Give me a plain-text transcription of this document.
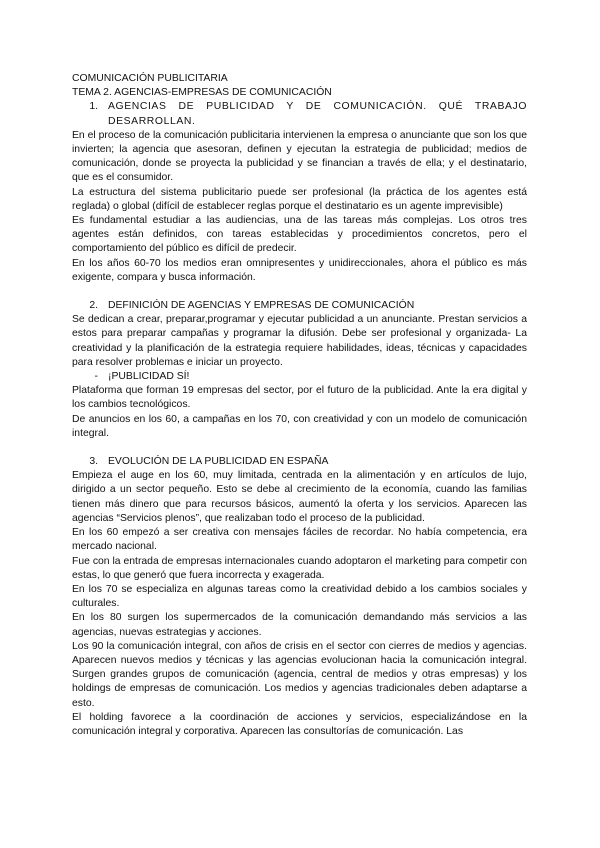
COMUNICACIÓN PUBLICITARIA
TEMA 2. AGENCIAS-EMPRESAS DE COMUNICACIÓN
1. AGENCIAS DE PUBLICIDAD Y DE COMUNICACIÓN. QUÉ TRABAJO DESARROLLAN.

En el proceso de la comunicación publicitaria intervienen la empresa o anunciante que son los que invierten; la agencia que asesoran, definen y ejecutan la estrategia de publicidad; medios de comunicación, donde se proyecta la publicidad y se financian a través de ella; y el destinatario, que es el consumidor.

La estructura del sistema publicitario puede ser profesional (la práctica de los agentes está reglada) o global (difícil de establecer reglas porque el destinatario es un agente imprevisible)

Es fundamental estudiar a las audiencias, una de las tareas más complejas. Los otros tres agentes están definidos, con tareas establecidas y procedimientos concretos, pero el comportamiento del público es difícil de predecir.

En los años 60-70 los medios eran omnipresentes y unidireccionales, ahora el público es más exigente, compara y busca información.

2. DEFINICIÓN DE AGENCIAS Y EMPRESAS DE COMUNICACIÓN

Se dedican a crear, preparar,programar y ejecutar publicidad a un anunciante. Prestan servicios a estos para preparar campañas y programar la difusión. Debe ser profesional y organizada- La creatividad y la planificación de la estrategia requiere habilidades, ideas, técnicas y capacidades para resolver problemas e iniciar un proyecto.

- ¡PUBLICIDAD SÍ!

Plataforma que forman 19 empresas del sector, por el futuro de la publicidad. Ante la era digital y los cambios tecnológicos.

De anuncios en los 60, a campañas en los 70, con creatividad y con un modelo de comunicación integral.

3. EVOLUCIÓN DE LA PUBLICIDAD EN ESPAÑA

Empieza el auge en los 60, muy limitada, centrada en la alimentación y en artículos de lujo, dirigido a un sector pequeño. Esto se debe al crecimiento de la economía, cuando las familias tienen más dinero que para recursos básicos, aumentó la oferta y los servicios. Aparecen las agencias “Servicios plenos”, que realizaban todo el proceso de la publicidad.

En los 60 empezó a ser creativa con mensajes fáciles de recordar. No había competencia, era mercado nacional.

Fue con la entrada de empresas internacionales cuando adoptaron el marketing para competir con estas, lo que generó que fuera incorrecta y exagerada.

En los 70 se especializa en algunas tareas como la creatividad debido a los cambios sociales y culturales.

En los 80 surgen los supermercados de la comunicación demandando más servicios a las agencias, nuevas estrategias y acciones.

Los 90 la comunicación integral, con años de crisis en el sector con cierres de medios y agencias. Aparecen nuevos medios y técnicas y las agencias evolucionan hacia la comunicación integral. Surgen grandes grupos de comunicación (agencia, central de medios y otras empresas) y los holdings de empresas de comunicación. Los medios y agencias tradicionales deben adaptarse a esto.

El holding favorece a la coordinación de acciones y servicios, especializándose en la comunicación integral y corporativa. Aparecen las consultorías de comunicación. Las
